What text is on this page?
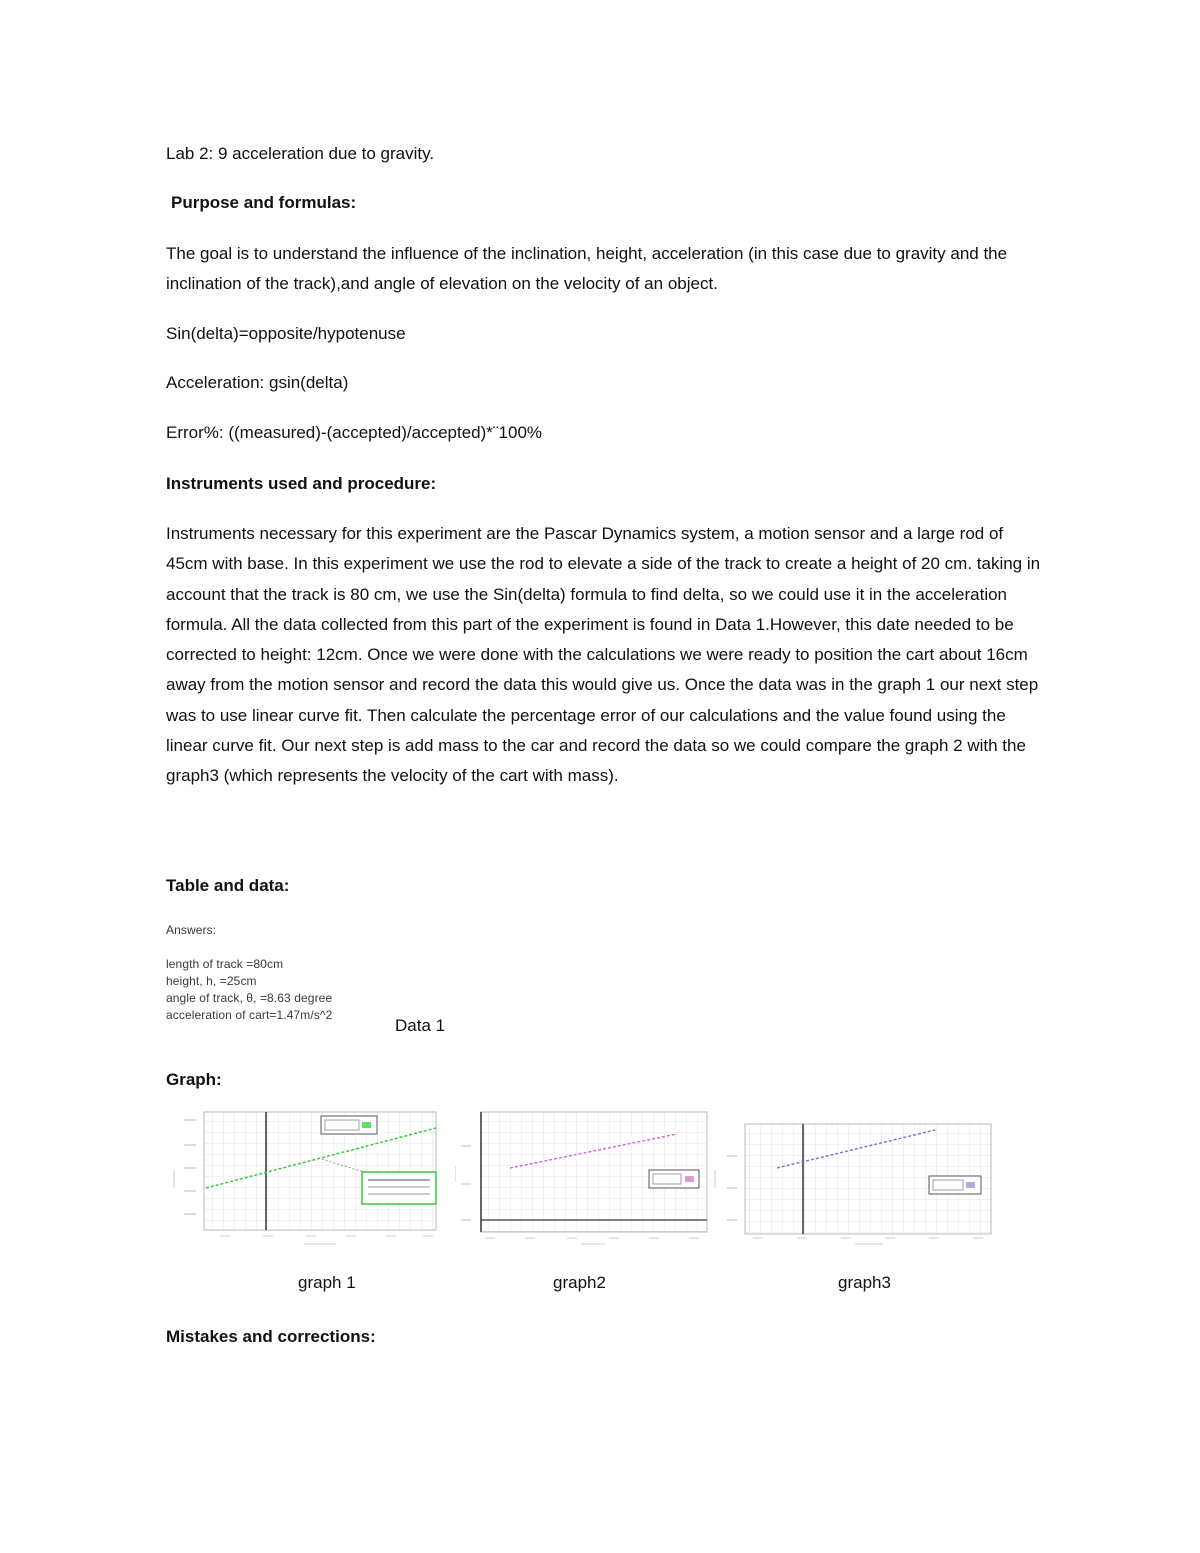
Lab 2: 9 acceleration due to gravity.

Purpose and formulas:

The goal is to understand the influence of the inclination, height, acceleration (in this case due to gravity and the inclination of the track),and angle of elevation on the velocity of an object.

Sin(delta)=opposite/hypotenuse

Acceleration: gsin(delta)

Error%: ((measured)-(accepted)/accepted)*¨100%

Instruments used and procedure:

Instruments necessary for this experiment are the Pascar Dynamics system, a motion sensor and a large rod of 45cm with base. In this experiment we use the rod to elevate a side of the track to create a height of 20 cm. taking in account that the track is 80 cm, we use the Sin(delta) formula to find delta, so we could use it in the acceleration formula. All the data collected from this part of the experiment is found in Data 1.However, this date needed to be corrected to height: 12cm. Once we were done with the calculations we were ready to position the cart about 16cm away from the motion sensor and record the data this would give us. Once the data was in the graph 1 our next step was to use linear curve fit. Then calculate the percentage error of our calculations and the value found using the linear curve fit. Our next step is add mass to the car and record the data so we could compare the graph 2 with the graph3 (which represents the velocity of the cart with mass).

Table and data:

Answers:
length of track =80cm
height, h, =25cm
angle of track, θ, =8.63 degree
acceleration of cart=1.47m/s^2
Data 1

Graph:

graph 1	graph2	graph3

Mistakes and corrections:
